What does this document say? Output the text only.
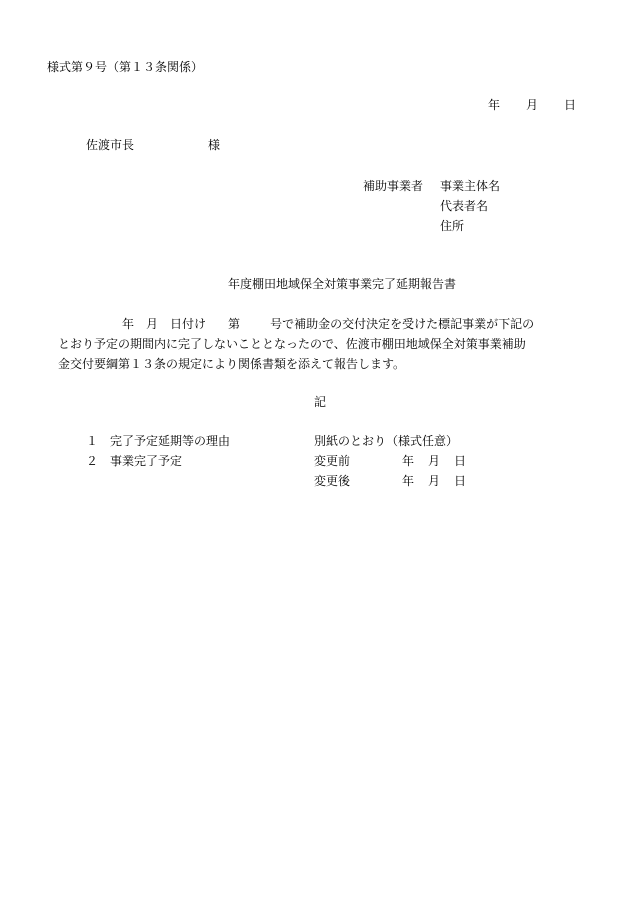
様式第９号（第１３条関係）
年 月 日
佐渡市長	様
補助事業者 事業主体名
代表者名
住所
年度棚田地域保全対策事業完了延期報告書
年 月 日付け 第	号で補助金の交付決定を受けた標記事業が下記の
とおり予定の期間内に完了しないこととなったので、佐渡市棚田地域保全対策事業補助
金交付要綱第１３条の規定により関係書類を添えて報告します。
記
１ 完了予定延期等の理由	別紙のとおり（様式任意）
２ 事業完了予定	変更前	年 月 日
変更後	年 月 日
